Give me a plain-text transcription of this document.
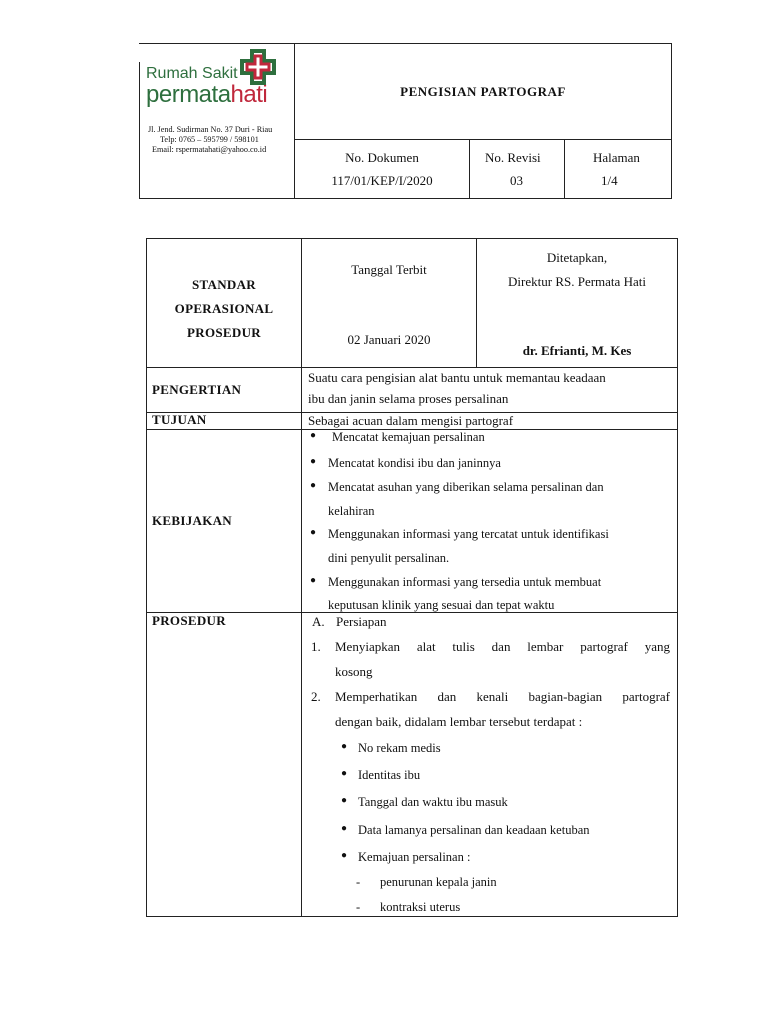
Rumah Sakit
permatahati
Jl. Jend. Sudirman No. 37 Duri - Riau
Telp: 0765 – 595799 / 598101
Email: rspermatahati@yahoo.co.id
PENGISIAN PARTOGRAF
No. Dokumen
117/01/KEP/I/2020
No. Revisi
03
Halaman
1/4
STANDAR
OPERASIONAL
PROSEDUR
Tanggal Terbit
02 Januari 2020
Ditetapkan,
Direktur RS. Permata Hati
dr. Efrianti, M. Kes
PENGERTIAN
Suatu cara pengisian alat bantu untuk memantau keadaan
ibu dan janin selama proses persalinan
TUJUAN	Sebagai acuan dalam mengisi partograf
KEBIJAKAN
● Mencatat kemajuan persalinan
● Mencatat kondisi ibu dan janinnya
● Mencatat asuhan yang diberikan selama persalinan dan
kelahiran
● Menggunakan informasi yang tercatat untuk identifikasi
dini penyulit persalinan.
● Menggunakan informasi yang tersedia untuk membuat
keputusan klinik yang sesuai dan tepat waktu
PROSEDUR	A. Persiapan
1. Menyiapkan alat tulis dan lembar partograf yang
kosong
2. Memperhatikan dan kenali bagian-bagian partograf
dengan baik, didalam lembar tersebut terdapat :
● No rekam medis
● Identitas ibu
● Tanggal dan waktu ibu masuk
● Data lamanya persalinan dan keadaan ketuban
● Kemajuan persalinan :
- penurunan kepala janin
- kontraksi uterus
